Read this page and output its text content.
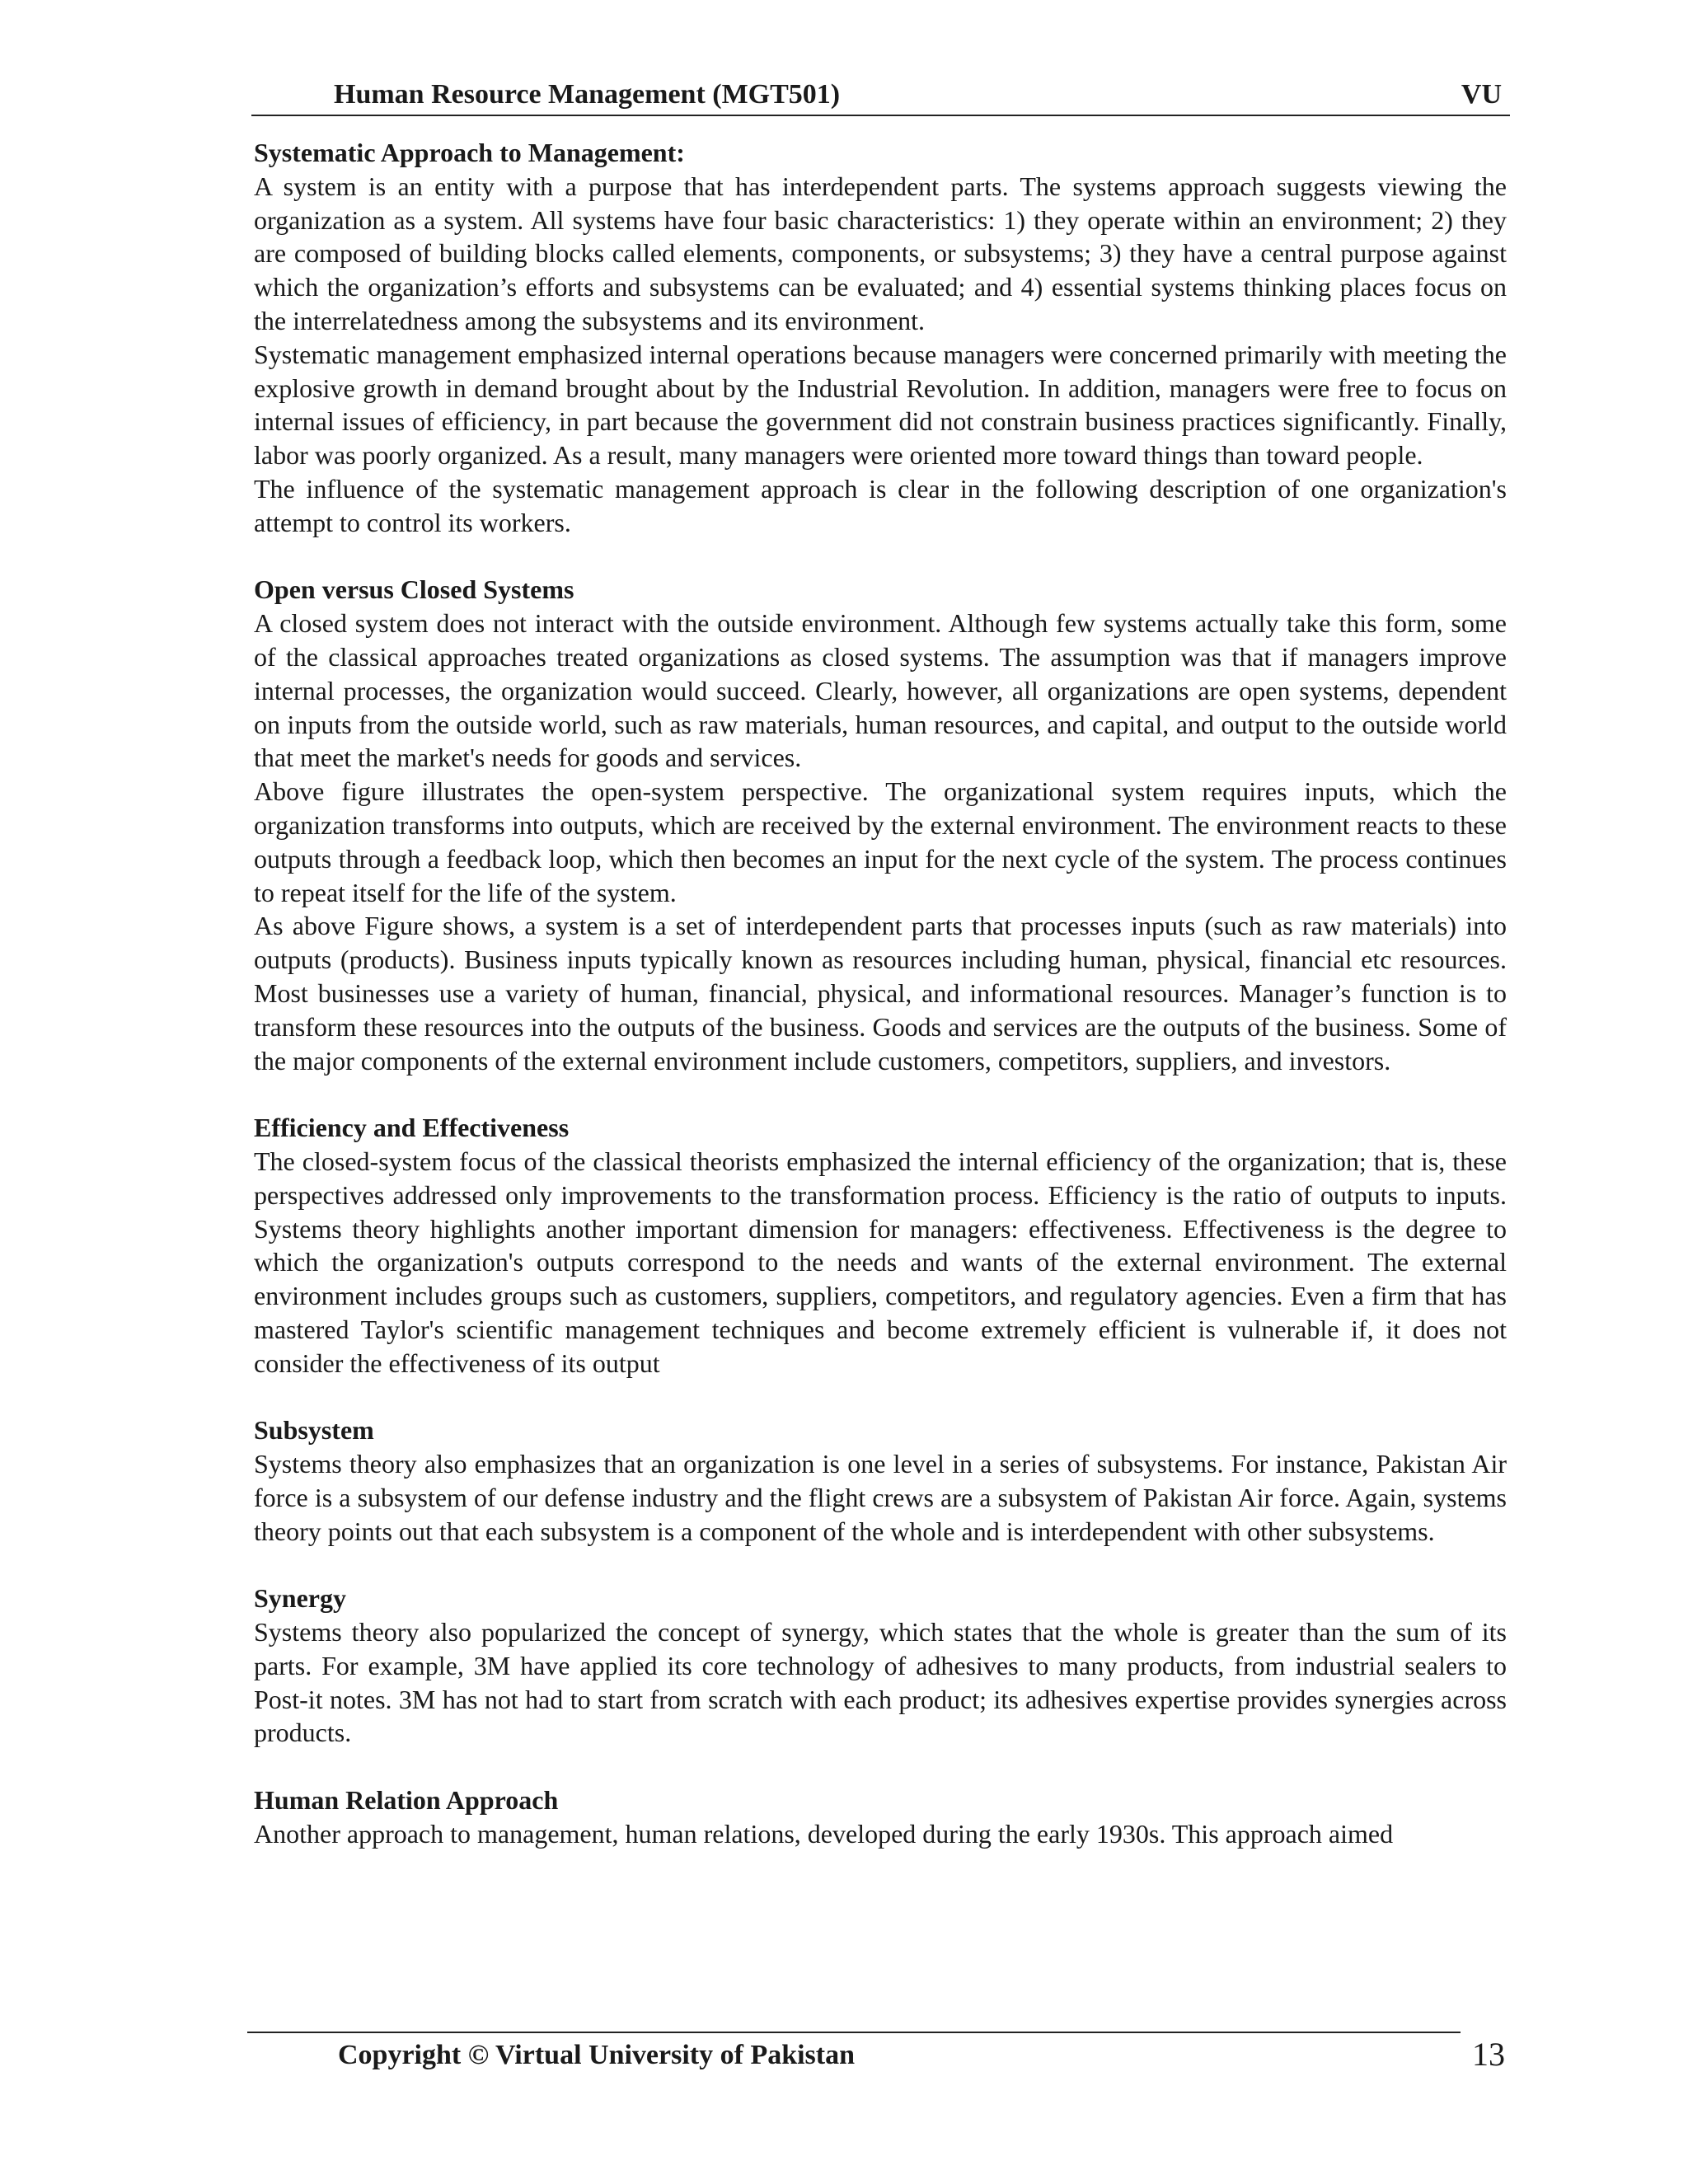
Human Resource Management (MGT501)	VU
Systematic Approach to Management:

A system is an entity with a purpose that has interdependent parts. The systems approach suggests viewing the organization as a system. All systems have four basic characteristics: 1) they operate within an environment; 2) they are composed of building blocks called elements, components, or subsystems; 3) they have a central purpose against which the organization’s efforts and subsystems can be evaluated; and 4) essential systems thinking places focus on the interrelatedness among the subsystems and its environment.

Systematic management emphasized internal operations because managers were concerned primarily with meeting the explosive growth in demand brought about by the Industrial Revolution. In addition, managers were free to focus on internal issues of efficiency, in part because the government did not constrain business practices significantly. Finally, labor was poorly organized. As a result, many managers were oriented more toward things than toward people.

The influence of the systematic management approach is clear in the following description of one organization's attempt to control its workers.

Open versus Closed Systems

A closed system does not interact with the outside environment. Although few systems actually take this form, some of the classical approaches treated organizations as closed systems. The assumption was that if managers improve internal processes, the organization would succeed. Clearly, however, all organizations are open systems, dependent on inputs from the outside world, such as raw materials, human resources, and capital, and output to the outside world that meet the market's needs for goods and services.

Above figure illustrates the open-system perspective. The organizational system requires inputs, which the organization transforms into outputs, which are received by the external environment. The environment reacts to these outputs through a feedback loop, which then becomes an input for the next cycle of the system. The process continues to repeat itself for the life of the system.

As above Figure shows, a system is a set of interdependent parts that processes inputs (such as raw materials) into outputs (products). Business inputs typically known as resources including human, physical, financial etc resources. Most businesses use a variety of human, financial, physical, and informational resources. Manager’s function is to transform these resources into the outputs of the business. Goods and services are the outputs of the business. Some of the major components of the external environment include customers, competitors, suppliers, and investors.

Efficiency and Effectiveness

The closed-system focus of the classical theorists emphasized the internal efficiency of the organization; that is, these perspectives addressed only improvements to the transformation process. Efficiency is the ratio of outputs to inputs. Systems theory highlights another important dimension for managers: effectiveness. Effectiveness is the degree to which the organization's outputs correspond to the needs and wants of the external environment. The external environment includes groups such as customers, suppliers, competitors, and regulatory agencies. Even a firm that has mastered Taylor's scientific management techniques and become extremely efficient is vulnerable if, it does not consider the effectiveness of its output

Subsystem

Systems theory also emphasizes that an organization is one level in a series of subsystems. For instance, Pakistan Air force is a subsystem of our defense industry and the flight crews are a subsystem of Pakistan Air force. Again, systems theory points out that each subsystem is a component of the whole and is interdependent with other subsystems.

Synergy

Systems theory also popularized the concept of synergy, which states that the whole is greater than the sum of its parts. For example, 3M have applied its core technology of adhesives to many products, from industrial sealers to Post-it notes. 3M has not had to start from scratch with each product; its adhesives expertise provides synergies across products.

Human Relation Approach

Another approach to management, human relations, developed during the early 1930s. This approach aimed

Copyright © Virtual University of Pakistan	13
